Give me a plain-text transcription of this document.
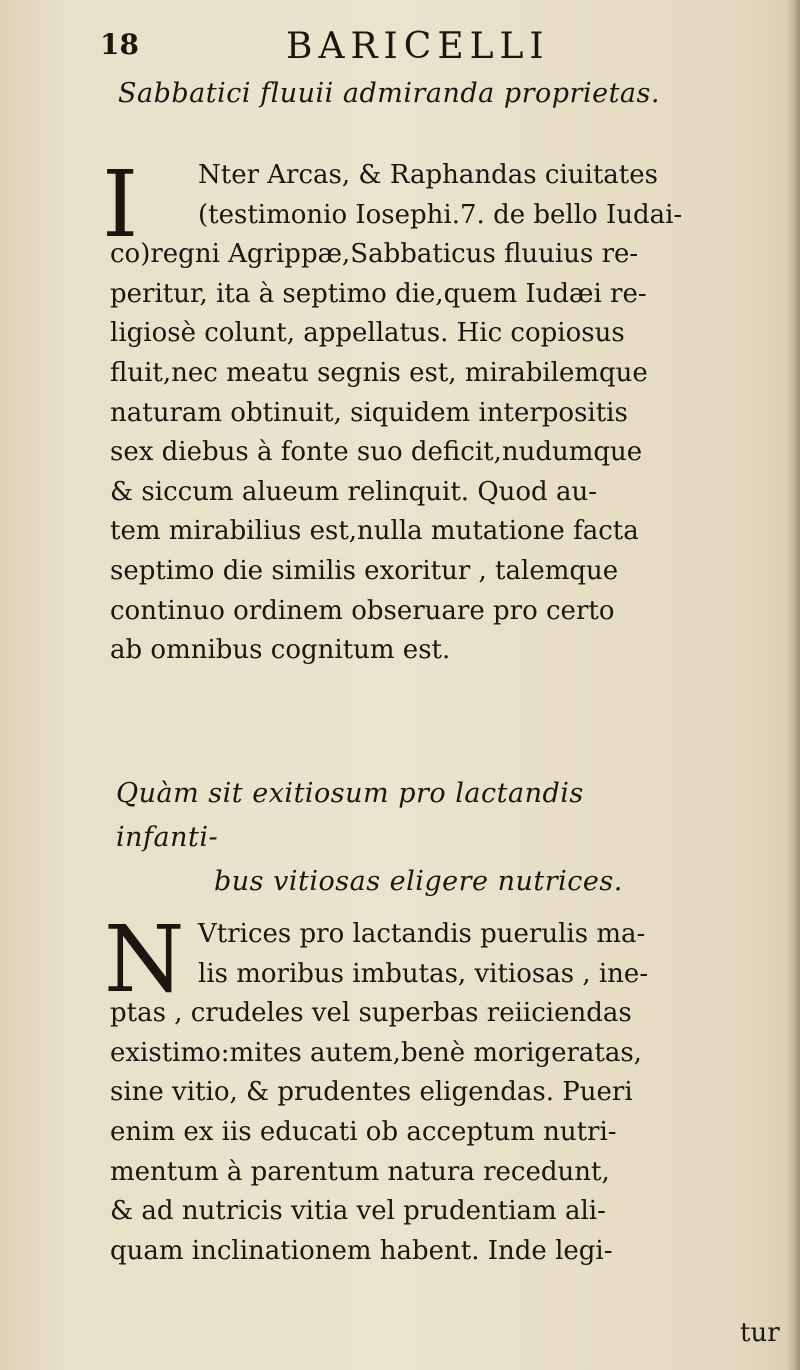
18	BARICELLI
Sabbatici fluuii admiranda proprietas.
I	Nter Arcas, & Raphandas ciuitates
(testimonio Iosephi.7. de bello Iudai-
co)regni Agrippæ,Sabbaticus fluuius re-
peritur, ita à septimo die,quem Iudæi re-
ligiosè colunt, appellatus. Hic copiosus
fluit,nec meatu segnis est, mirabilemque
naturam obtinuit, siquidem interpositis
sex diebus à fonte suo deficit,nudumque
& siccum alueum relinquit. Quod au-
tem mirabilius est,nulla mutatione facta
septimo die similis exoritur , talemque
continuo ordinem obseruare pro certo
ab omnibus cognitum est.
Quàm sit exitiosum pro lactandis infanti-
bus vitiosas eligere nutrices.
N Vtrices pro lactandis puerulis ma-
lis moribus imbutas, vitiosas , ine-
ptas , crudeles vel superbas reiiciendas
existimo:mites autem,benè morigeratas,
sine vitio, & prudentes eligendas. Pueri
enim ex iis educati ob acceptum nutri-
mentum à parentum natura recedunt,
& ad nutricis vitia vel prudentiam ali-
quam inclinationem habent. Inde legi-
tur
